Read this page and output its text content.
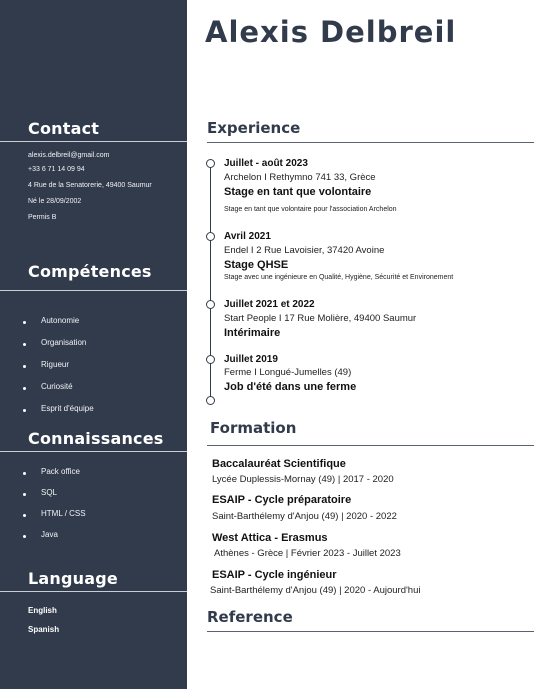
Contact
alexis.delbreil@gmail.com
+33 6 71 14 09 94
4 Rue de la Senatorerie, 49400 Saumur
Né le 28/09/2002
Permis B
Compétences
Autonomie
Organisation
Rigueur
Curiosité
Esprit d'équipe
Connaissances
Pack office
SQL
HTML / CSS
Java
Language
English
Spanish
Alexis Delbreil
Experience
Juillet - août 2023
Archelon I Rethymno 741 33, Grèce
Stage en tant que volontaire
Stage en tant que volontaire pour l'association Archelon
Avril 2021
Endel I 2 Rue Lavoisier, 37420 Avoine
Stage QHSE
Stage avec une ingénieure en Qualité, Hygiène, Sécurité et Environement
Juillet 2021 et 2022
Start People I 17 Rue Molière, 49400 Saumur
Intérimaire
Juillet 2019
Ferme I Longué-Jumelles (49)
Job d'été dans une ferme
Formation
Baccalauréat Scientifique
Lycée Duplessis-Mornay (49) | 2017 - 2020
ESAIP - Cycle préparatoire
Saint-Barthélemy d'Anjou (49) | 2020 - 2022
West Attica - Erasmus
Athènes - Grèce | Février 2023 - Juillet 2023
ESAIP - Cycle ingénieur
Saint-Barthélemy d'Anjou (49) | 2020 - Aujourd'hui
Reference
